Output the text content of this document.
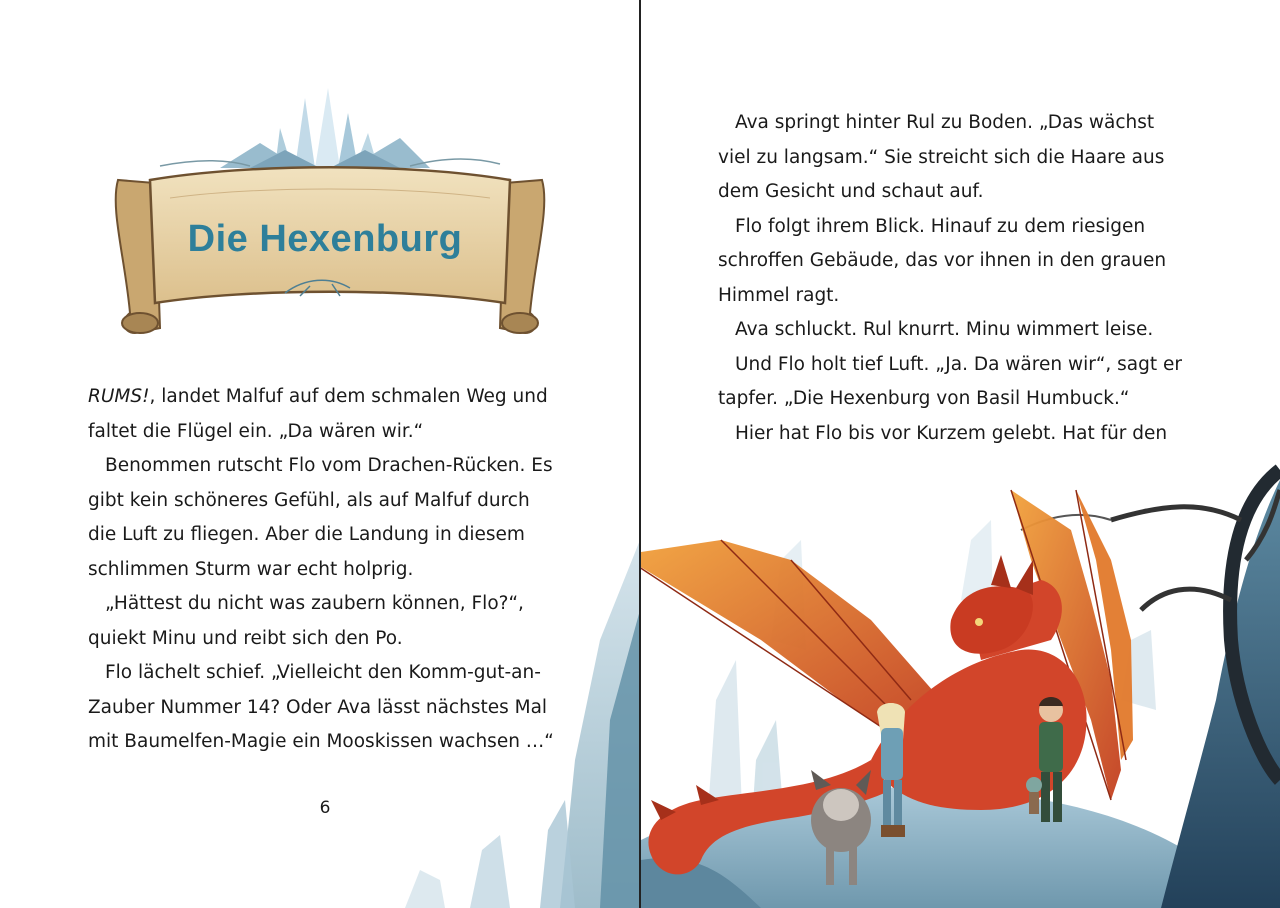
Die Hexenburg

RUMS!, landet Malfuf auf dem schmalen Weg und

faltet die Flügel ein. „Da wären wir.“

Benommen rutscht Flo vom Drachen-Rücken. Es

gibt kein schöneres Gefühl, als auf Malfuf durch

die Luft zu fliegen. Aber die Landung in diesem

schlimmen Sturm war echt holprig.

„Hättest du nicht was zaubern können, Flo?“,

quiekt Minu und reibt sich den Po.

Flo lächelt schief. „Vielleicht den Komm-gut-an-

Zauber Nummer 14? Oder Ava lässt nächstes Mal

mit Baumelfen-Magie ein Mooskissen wachsen …“

6

Ava springt hinter Rul zu Boden. „Das wächst

viel zu langsam.“ Sie streicht sich die Haare aus

dem Gesicht und schaut auf.

Flo folgt ihrem Blick. Hinauf zu dem riesigen

schroffen Gebäude, das vor ihnen in den grauen

Himmel ragt.

Ava schluckt. Rul knurrt. Minu wimmert leise.

Und Flo holt tief Luft. „Ja. Da wären wir“, sagt er

tapfer. „Die Hexenburg von Basil Humbuck.“

Hier hat Flo bis vor Kurzem gelebt. Hat für den
